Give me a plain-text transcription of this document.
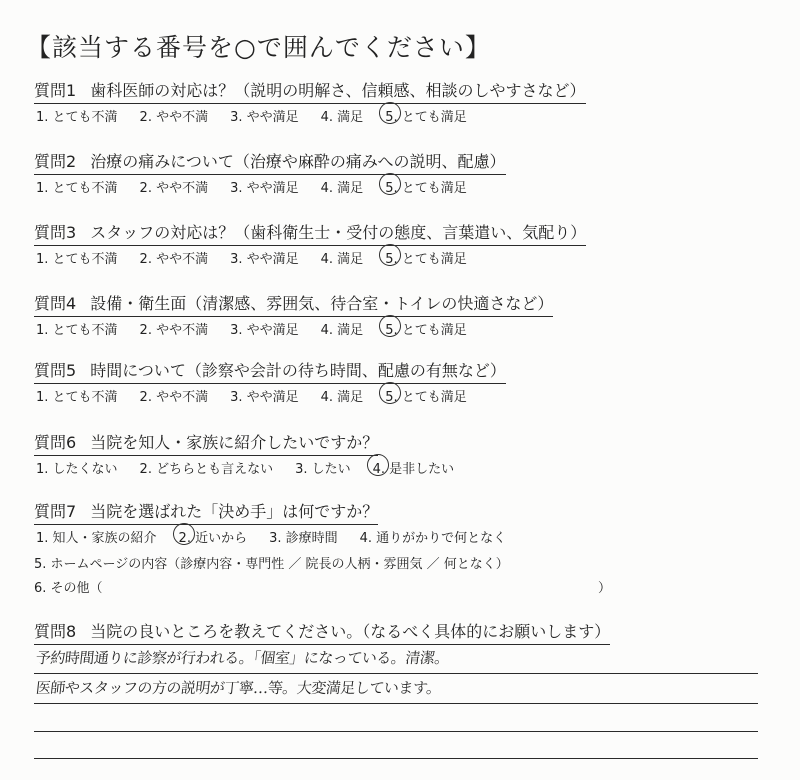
【該当する番号を○で囲んでください】
質問1 歯科医師の対応は？（説明の明解さ、信頼感、相談のしやすさなど）
1. とても不満 2. やや不満 3. やや満足 4. 満足 5. とても満足
質問2 治療の痛みについて（治療や麻酔の痛みへの説明、配慮）
1. とても不満 2. やや不満 3. やや満足 4. 満足 5. とても満足
質問3 スタッフの対応は？（歯科衛生士・受付の態度、言葉遣い、気配り）
1. とても不満 2. やや不満 3. やや満足 4. 満足 5. とても満足
質問4 設備・衛生面（清潔感、雰囲気、待合室・トイレの快適さなど）
1. とても不満 2. やや不満 3. やや満足 4. 満足 5. とても満足
質問5 時間について（診察や会計の待ち時間、配慮の有無など）
1. とても不満 2. やや不満 3. やや満足 4. 満足 5. とても満足
質問6 当院を知人・家族に紹介したいですか？
1. したくない 2. どちらとも言えない 3. したい 4. 是非したい
質問7 当院を選ばれた「決め手」は何ですか？
1. 知人・家族の紹介 2. 近いから 3. 診療時間 4. 通りがかりで何となく
5. ホームページの内容（診療内容・専門性 ／ 院長の人柄・雰囲気 ／ 何となく）
6. その他（	）
質問8 当院の良いところを教えてください。（なるべく具体的にお願いします）
予約時間通りに診察が行われる。「個室」になっている。清潔。
医師やスタッフの方の説明が丁寧…等。大変満足しています。
